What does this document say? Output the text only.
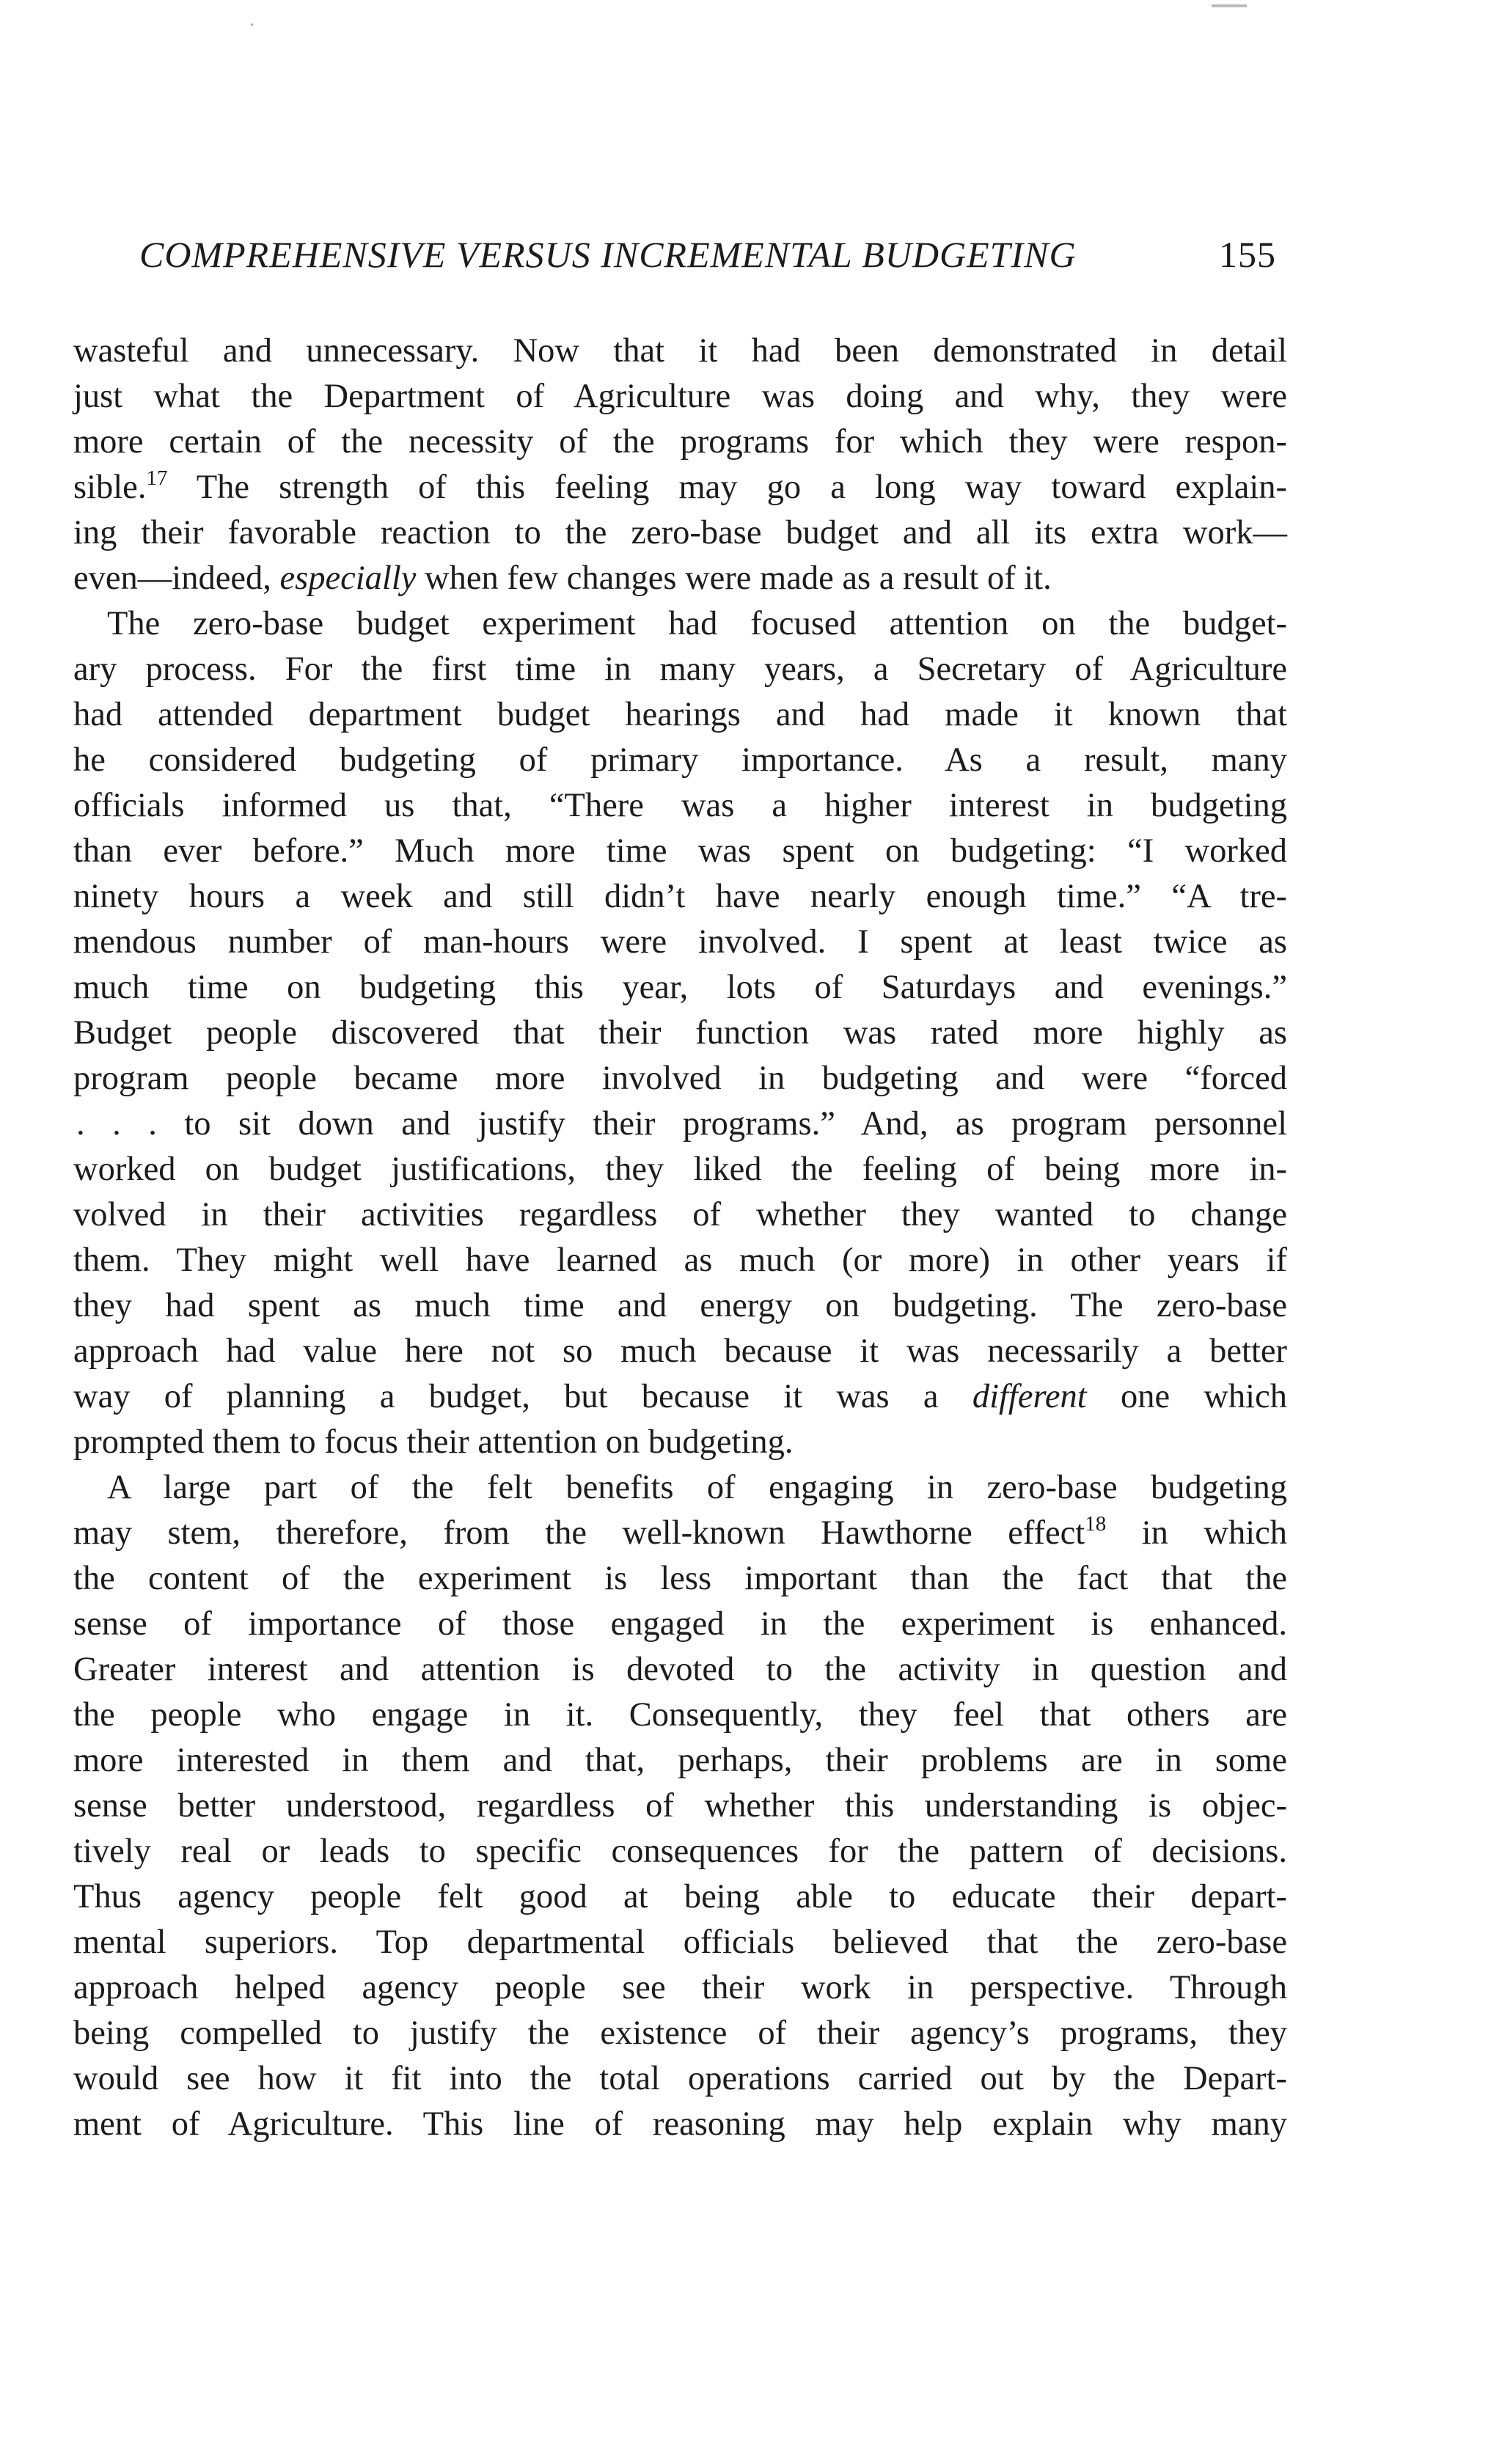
COMPREHENSIVE VERSUS INCREMENTAL BUDGETING	155
wasteful and unnecessary. Now that it had been demonstrated in detail
just what the Department of Agriculture was doing and why, they were
more certain of the necessity of the programs for which they were respon-
sible.$^{17}$ The strength of this feeling may go a long way toward explain-
ing their favorable reaction to the zero-base budget and all its extra work—
even—indeed, especially when few changes were made as a result of it.
The zero-base budget experiment had focused attention on the budget-
ary process. For the first time in many years, a Secretary of Agriculture
had attended department budget hearings and had made it known that
he considered budgeting of primary importance. As a result, many
officials informed us that, “There was a higher interest in budgeting
than ever before.” Much more time was spent on budgeting: “I worked
ninety hours a week and still didn’t have nearly enough time.” “A tre-
mendous number of man-hours were involved. I spent at least twice as
much time on budgeting this year, lots of Saturdays and evenings.”
Budget people discovered that their function was rated more highly as
program people became more involved in budgeting and were “forced
. . . to sit down and justify their programs.” And, as program personnel
worked on budget justifications, they liked the feeling of being more in-
volved in their activities regardless of whether they wanted to change
them. They might well have learned as much (or more) in other years if
they had spent as much time and energy on budgeting. The zero-base
approach had value here not so much because it was necessarily a better
way of planning a budget, but because it was a different one which
prompted them to focus their attention on budgeting.
A large part of the felt benefits of engaging in zero-base budgeting
may stem, therefore, from the well-known Hawthorne effect$^{18}$ in which
the content of the experiment is less important than the fact that the
sense of importance of those engaged in the experiment is enhanced.
Greater interest and attention is devoted to the activity in question and
the people who engage in it. Consequently, they feel that others are
more interested in them and that, perhaps, their problems are in some
sense better understood, regardless of whether this understanding is objec-
tively real or leads to specific consequences for the pattern of decisions.
Thus agency people felt good at being able to educate their depart-
mental superiors. Top departmental officials believed that the zero-base
approach helped agency people see their work in perspective. Through
being compelled to justify the existence of their agency’s programs, they
would see how it fit into the total operations carried out by the Depart-
ment of Agriculture. This line of reasoning may help explain why many
